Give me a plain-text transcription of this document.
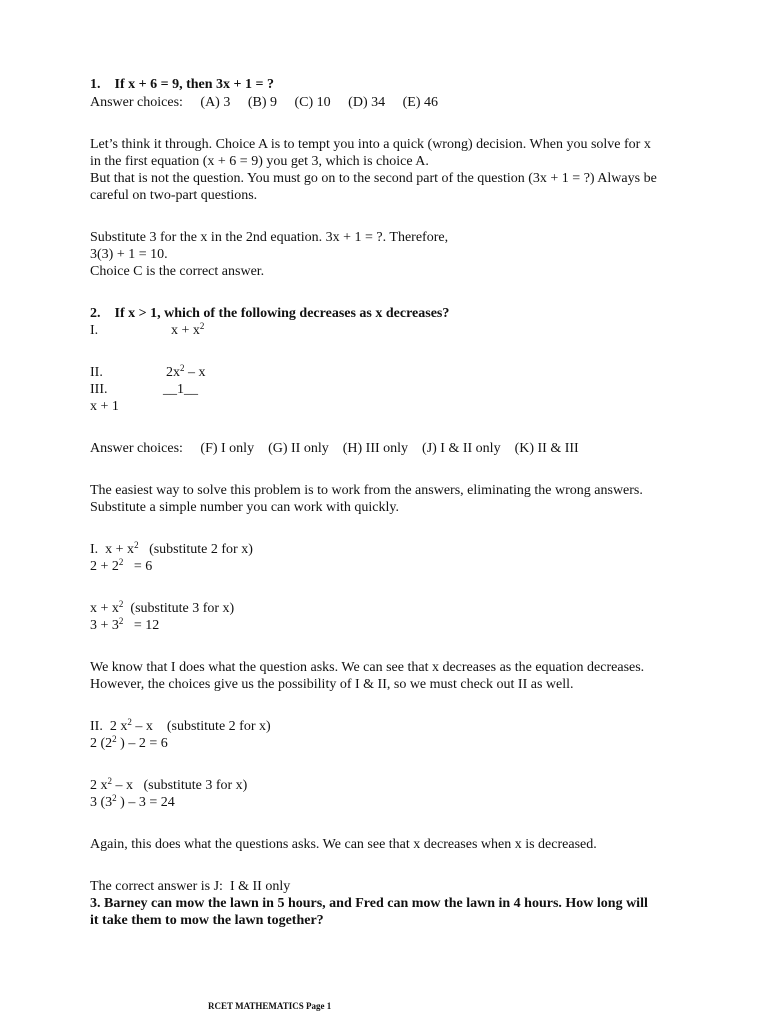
1. If x + 6 = 9, then 3x + 1 = ?
Answer choices:     (A) 3     (B) 9     (C) 10     (D) 34     (E) 46
Let’s think it through. Choice A is to tempt you into a quick (wrong) decision. When you solve for x
in the first equation (x + 6 = 9) you get 3, which is choice A.
But that is not the question. You must go on to the second part of the question (3x + 1 = ?) Always be
careful on two-part questions.
Substitute 3 for the x in the 2nd equation. 3x + 1 = ?. Therefore,
3(3) + 1 = 10.
Choice C is the correct answer.
2. If x > 1, which of the following decreases as x decreases?
I.	$x + x^2$
II.	$2x^2$ – x
III.	__1__
x + 1
Answer choices:     (F) I only    (G) II only    (H) III only    (J) I & II only    (K) II & III
The easiest way to solve this problem is to work from the answers, eliminating the wrong answers.
Substitute a simple number you can work with quickly.
I.  $x + x^2$   (substitute 2 for x)
$2 + 2^2 = 6$
$x + x^2$  (substitute 3 for x)
$3 + 3^2 = 12$
We know that I does what the question asks. We can see that x decreases as the equation decreases.
However, the choices give us the possibility of I & II, so we must check out II as well.
II.  2 $x^2$ – x    (substitute 2 for x)
2 ($2^2$ ) – 2 = 6
2 $x^2$ – x   (substitute 3 for x)
3 ($3^2$ ) – 3 = 24
Again, this does what the questions asks. We can see that x decreases when x is decreased.
The correct answer is J:  I & II only
3. Barney can mow the lawn in 5 hours, and Fred can mow the lawn in 4 hours. How long will
it take them to mow the lawn together?
RCET MATHEMATICS Page 1
